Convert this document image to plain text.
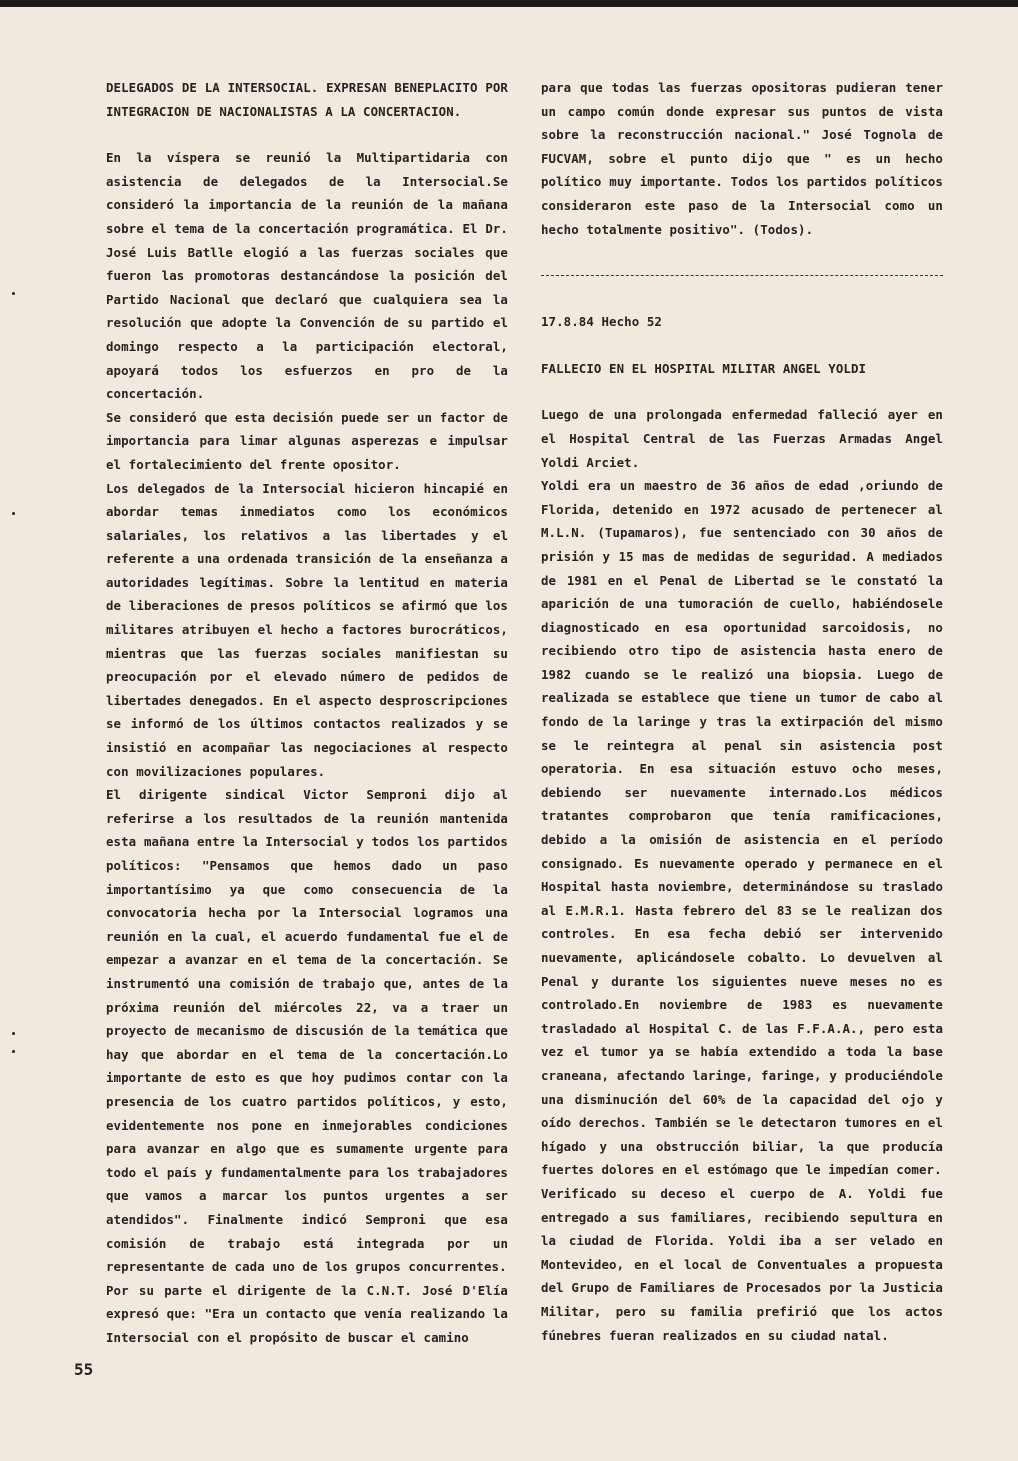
DELEGADOS DE LA INTERSOCIAL. EXPRESAN BENEPLACITO POR INTEGRACION DE NACIONALISTAS A LA CONCERTACION.

En la víspera se reunió la Multipartidaria con asistencia de delegados de la Intersocial.Se consideró la importancia de la reunión de la mañana sobre el tema de la concertación programática. El Dr. José Luis Batlle elogió a las fuerzas sociales que fueron las promotoras destancándose la posición del Partido Nacional que declaró que cualquiera sea la resolución que adopte la Convención de su partido el domingo respecto a la participación electoral, apoyará todos los esfuerzos en pro de la concertación.

Se consideró que esta decisión puede ser un factor de importancia para limar algunas asperezas e impulsar el fortalecimiento del frente opositor.

Los delegados de la Intersocial hicieron hincapié en abordar temas inmediatos como los económicos salariales, los relativos a las libertades y el referente a una ordenada transición de la enseñanza a autoridades legítimas. Sobre la lentitud en materia de liberaciones de presos políticos se afirmó que los militares atribuyen el hecho a factores burocráticos, mientras que las fuerzas sociales manifiestan su preocupación por el elevado número de pedidos de libertades denegados. En el aspecto desproscripciones se informó de los últimos contactos realizados y se insistió en acompañar las negociaciones al respecto con movilizaciones populares.

El dirigente sindical Victor Semproni dijo al referirse a los resultados de la reunión mantenida esta mañana entre la Intersocial y todos los partidos políticos: "Pensamos que hemos dado un paso importantísimo ya que como consecuencia de la convocatoria hecha por la Intersocial logramos una reunión en la cual, el acuerdo fundamental fue el de empezar a avanzar en el tema de la concertación. Se instrumentó una comisión de trabajo que, antes de la próxima reunión del miércoles 22, va a traer un proyecto de mecanismo de discusión de la temática que hay que abordar en el tema de la concertación.Lo importante de esto es que hoy pudimos contar con la presencia de los cuatro partidos políticos, y esto, evidentemente nos pone en inmejorables condiciones para avanzar en algo que es sumamente urgente para todo el país y fundamentalmente para los trabajadores que vamos a marcar los puntos urgentes a ser atendidos". Finalmente indicó Semproni que esa comisión de trabajo está integrada por un representante de cada uno de los grupos concurrentes.

Por su parte el dirigente de la C.N.T. José D'Elía expresó que: "Era un contacto que venía realizando la Intersocial con el propósito de buscar el camino

para que todas las fuerzas opositoras pudieran tener un campo común donde expresar sus puntos de vista sobre la reconstrucción nacional." José Tognola de FUCVAM, sobre el punto dijo que " es un hecho político muy importante. Todos los partidos políticos consideraron este paso de la Intersocial como un hecho totalmente positivo". (Todos).

17.8.84 Hecho 52

FALLECIO EN EL HOSPITAL MILITAR ANGEL YOLDI

Luego de una prolongada enfermedad falleció ayer en el Hospital Central de las Fuerzas Armadas Angel Yoldi Arciet.

Yoldi era un maestro de 36 años de edad ,oriundo de Florida, detenido en 1972 acusado de pertenecer al M.L.N. (Tupamaros), fue sentenciado con 30 años de prisión y 15 mas de medidas de seguridad. A mediados de 1981 en el Penal de Libertad se le constató la aparición de una tumoración de cuello, habiéndosele diagnosticado en esa oportunidad sarcoidosis, no recibiendo otro tipo de asistencia hasta enero de 1982 cuando se le realizó una biopsia. Luego de realizada se establece que tiene un tumor de cabo al fondo de la laringe y tras la extirpación del mismo se le reintegra al penal sin asistencia post operatoria. En esa situación estuvo ocho meses, debiendo ser nuevamente internado.Los médicos tratantes comprobaron que tenía ramificaciones, debido a la omisión de asistencia en el período consignado. Es nuevamente operado y permanece en el Hospital hasta noviembre, determinándose su traslado al E.M.R.1. Hasta febrero del 83 se le realizan dos controles. En esa fecha debió ser intervenido nuevamente, aplicándosele cobalto. Lo devuelven al Penal y durante los siguientes nueve meses no es controlado.En noviembre de 1983 es nuevamente trasladado al Hospital C. de las F.F.A.A., pero esta vez el tumor ya se había extendido a toda la base craneana, afectando laringe, faringe, y produciéndole una disminución del 60% de la capacidad del ojo y oído derechos. También se le detectaron tumores en el hígado y una obstrucción biliar, la que producía fuertes dolores en el estómago que le impedían comer.

Verificado su deceso el cuerpo de A. Yoldi fue entregado a sus familiares, recibiendo sepultura en la ciudad de Florida. Yoldi iba a ser velado en Montevideo, en el local de Conventuales a propuesta del Grupo de Familiares de Procesados por la Justicia Militar, pero su familia prefirió que los actos fúnebres fueran realizados en su ciudad natal.

55
